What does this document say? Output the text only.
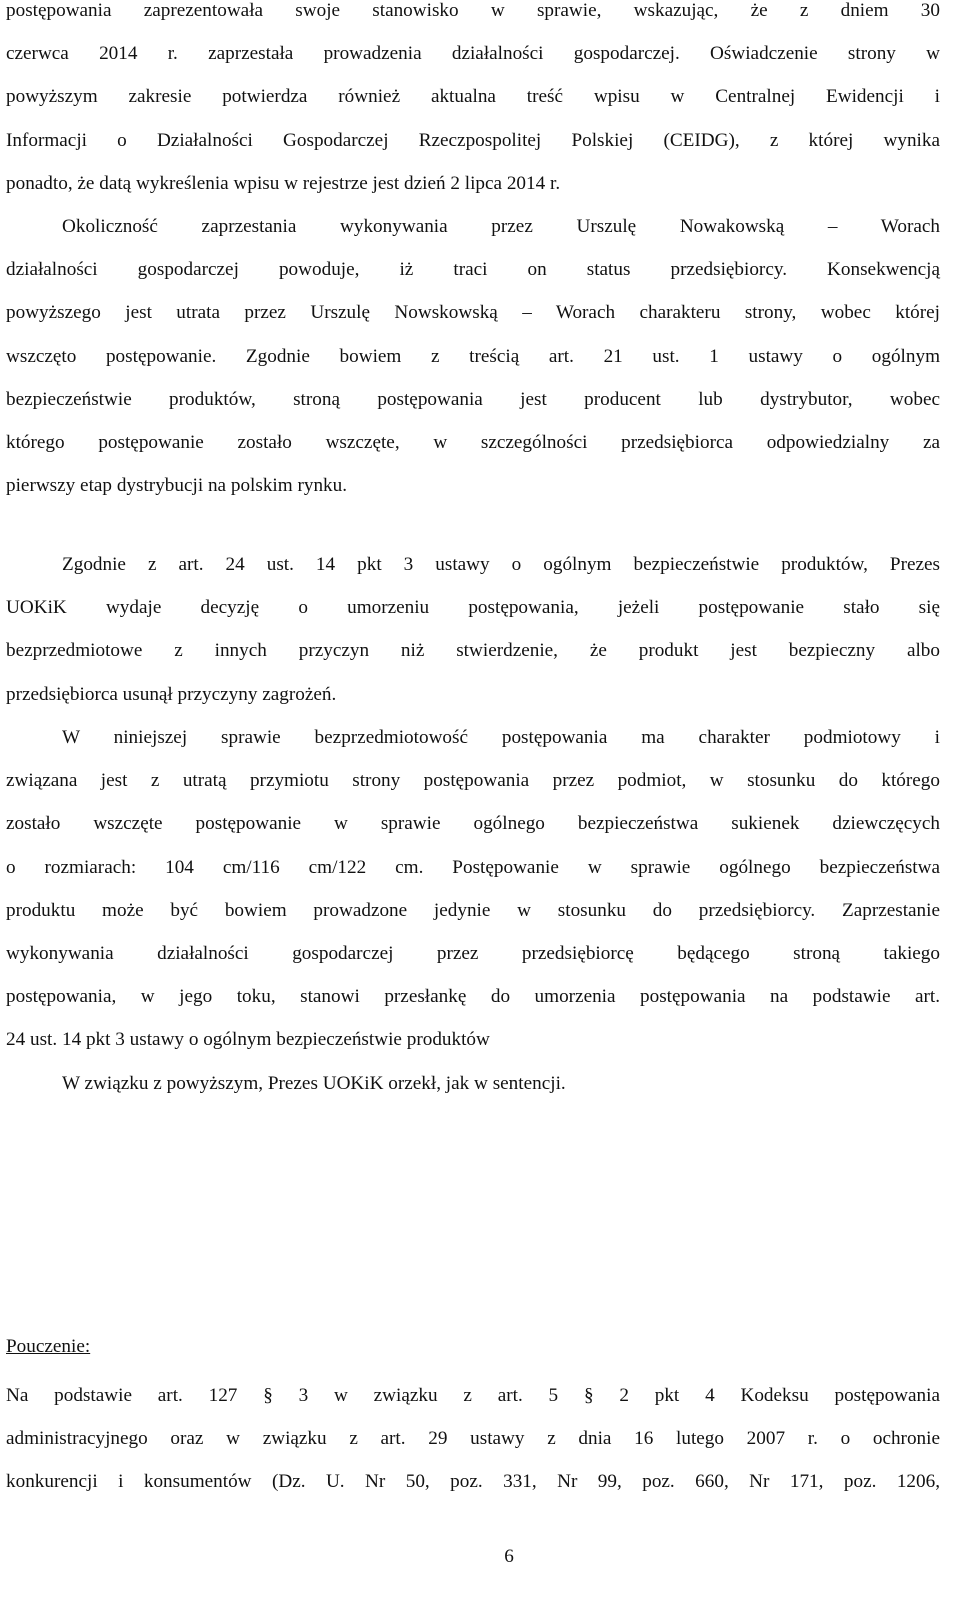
postępowania zaprezentowała swoje stanowisko w sprawie, wskazując, że z dniem 30
czerwca 2014 r. zaprzestała prowadzenia działalności gospodarczej. Oświadczenie strony w
powyższym zakresie potwierdza również aktualna treść wpisu w Centralnej Ewidencji i
Informacji o Działalności Gospodarczej Rzeczpospolitej Polskiej (CEIDG), z której wynika
ponadto, że datą wykreślenia wpisu w rejestrze jest dzień 2 lipca 2014 r.
Okoliczność zaprzestania wykonywania przez Urszulę Nowakowską – Worach
działalności gospodarczej powoduje, iż traci on status przedsiębiorcy. Konsekwencją
powyższego jest utrata przez Urszulę Nowskowską – Worach charakteru strony, wobec której
wszczęto postępowanie. Zgodnie bowiem z treścią art. 21 ust. 1 ustawy o ogólnym
bezpieczeństwie produktów, stroną postępowania jest producent lub dystrybutor, wobec
którego postępowanie zostało wszczęte, w szczególności przedsiębiorca odpowiedzialny za
pierwszy etap dystrybucji na polskim rynku.
Zgodnie z art. 24 ust. 14 pkt 3 ustawy o ogólnym bezpieczeństwie produktów, Prezes
UOKiK wydaje decyzję o umorzeniu postępowania, jeżeli postępowanie stało się
bezprzedmiotowe z innych przyczyn niż stwierdzenie, że produkt jest bezpieczny albo
przedsiębiorca usunął przyczyny zagrożeń.
W niniejszej sprawie bezprzedmiotowość postępowania ma charakter podmiotowy i
związana jest z utratą przymiotu strony postępowania przez podmiot, w stosunku do którego
zostało wszczęte postępowanie w sprawie ogólnego bezpieczeństwa sukienek dziewczęcych
o rozmiarach: 104 cm/116 cm/122 cm. Postępowanie w sprawie ogólnego bezpieczeństwa
produktu może być bowiem prowadzone jedynie w stosunku do przedsiębiorcy. Zaprzestanie
wykonywania działalności gospodarczej przez przedsiębiorcę będącego stroną takiego
postępowania, w jego toku, stanowi przesłankę do umorzenia postępowania na podstawie art.
24 ust. 14 pkt 3 ustawy o ogólnym bezpieczeństwie produktów
W związku z powyższym, Prezes UOKiK orzekł, jak w sentencji.
Pouczenie:
Na podstawie art. 127 § 3 w związku z art. 5 § 2 pkt 4 Kodeksu postępowania
administracyjnego oraz w związku z art. 29 ustawy z dnia 16 lutego 2007 r. o ochronie
konkurencji i konsumentów (Dz. U. Nr 50, poz. 331, Nr 99, poz. 660, Nr 171, poz. 1206,
6
